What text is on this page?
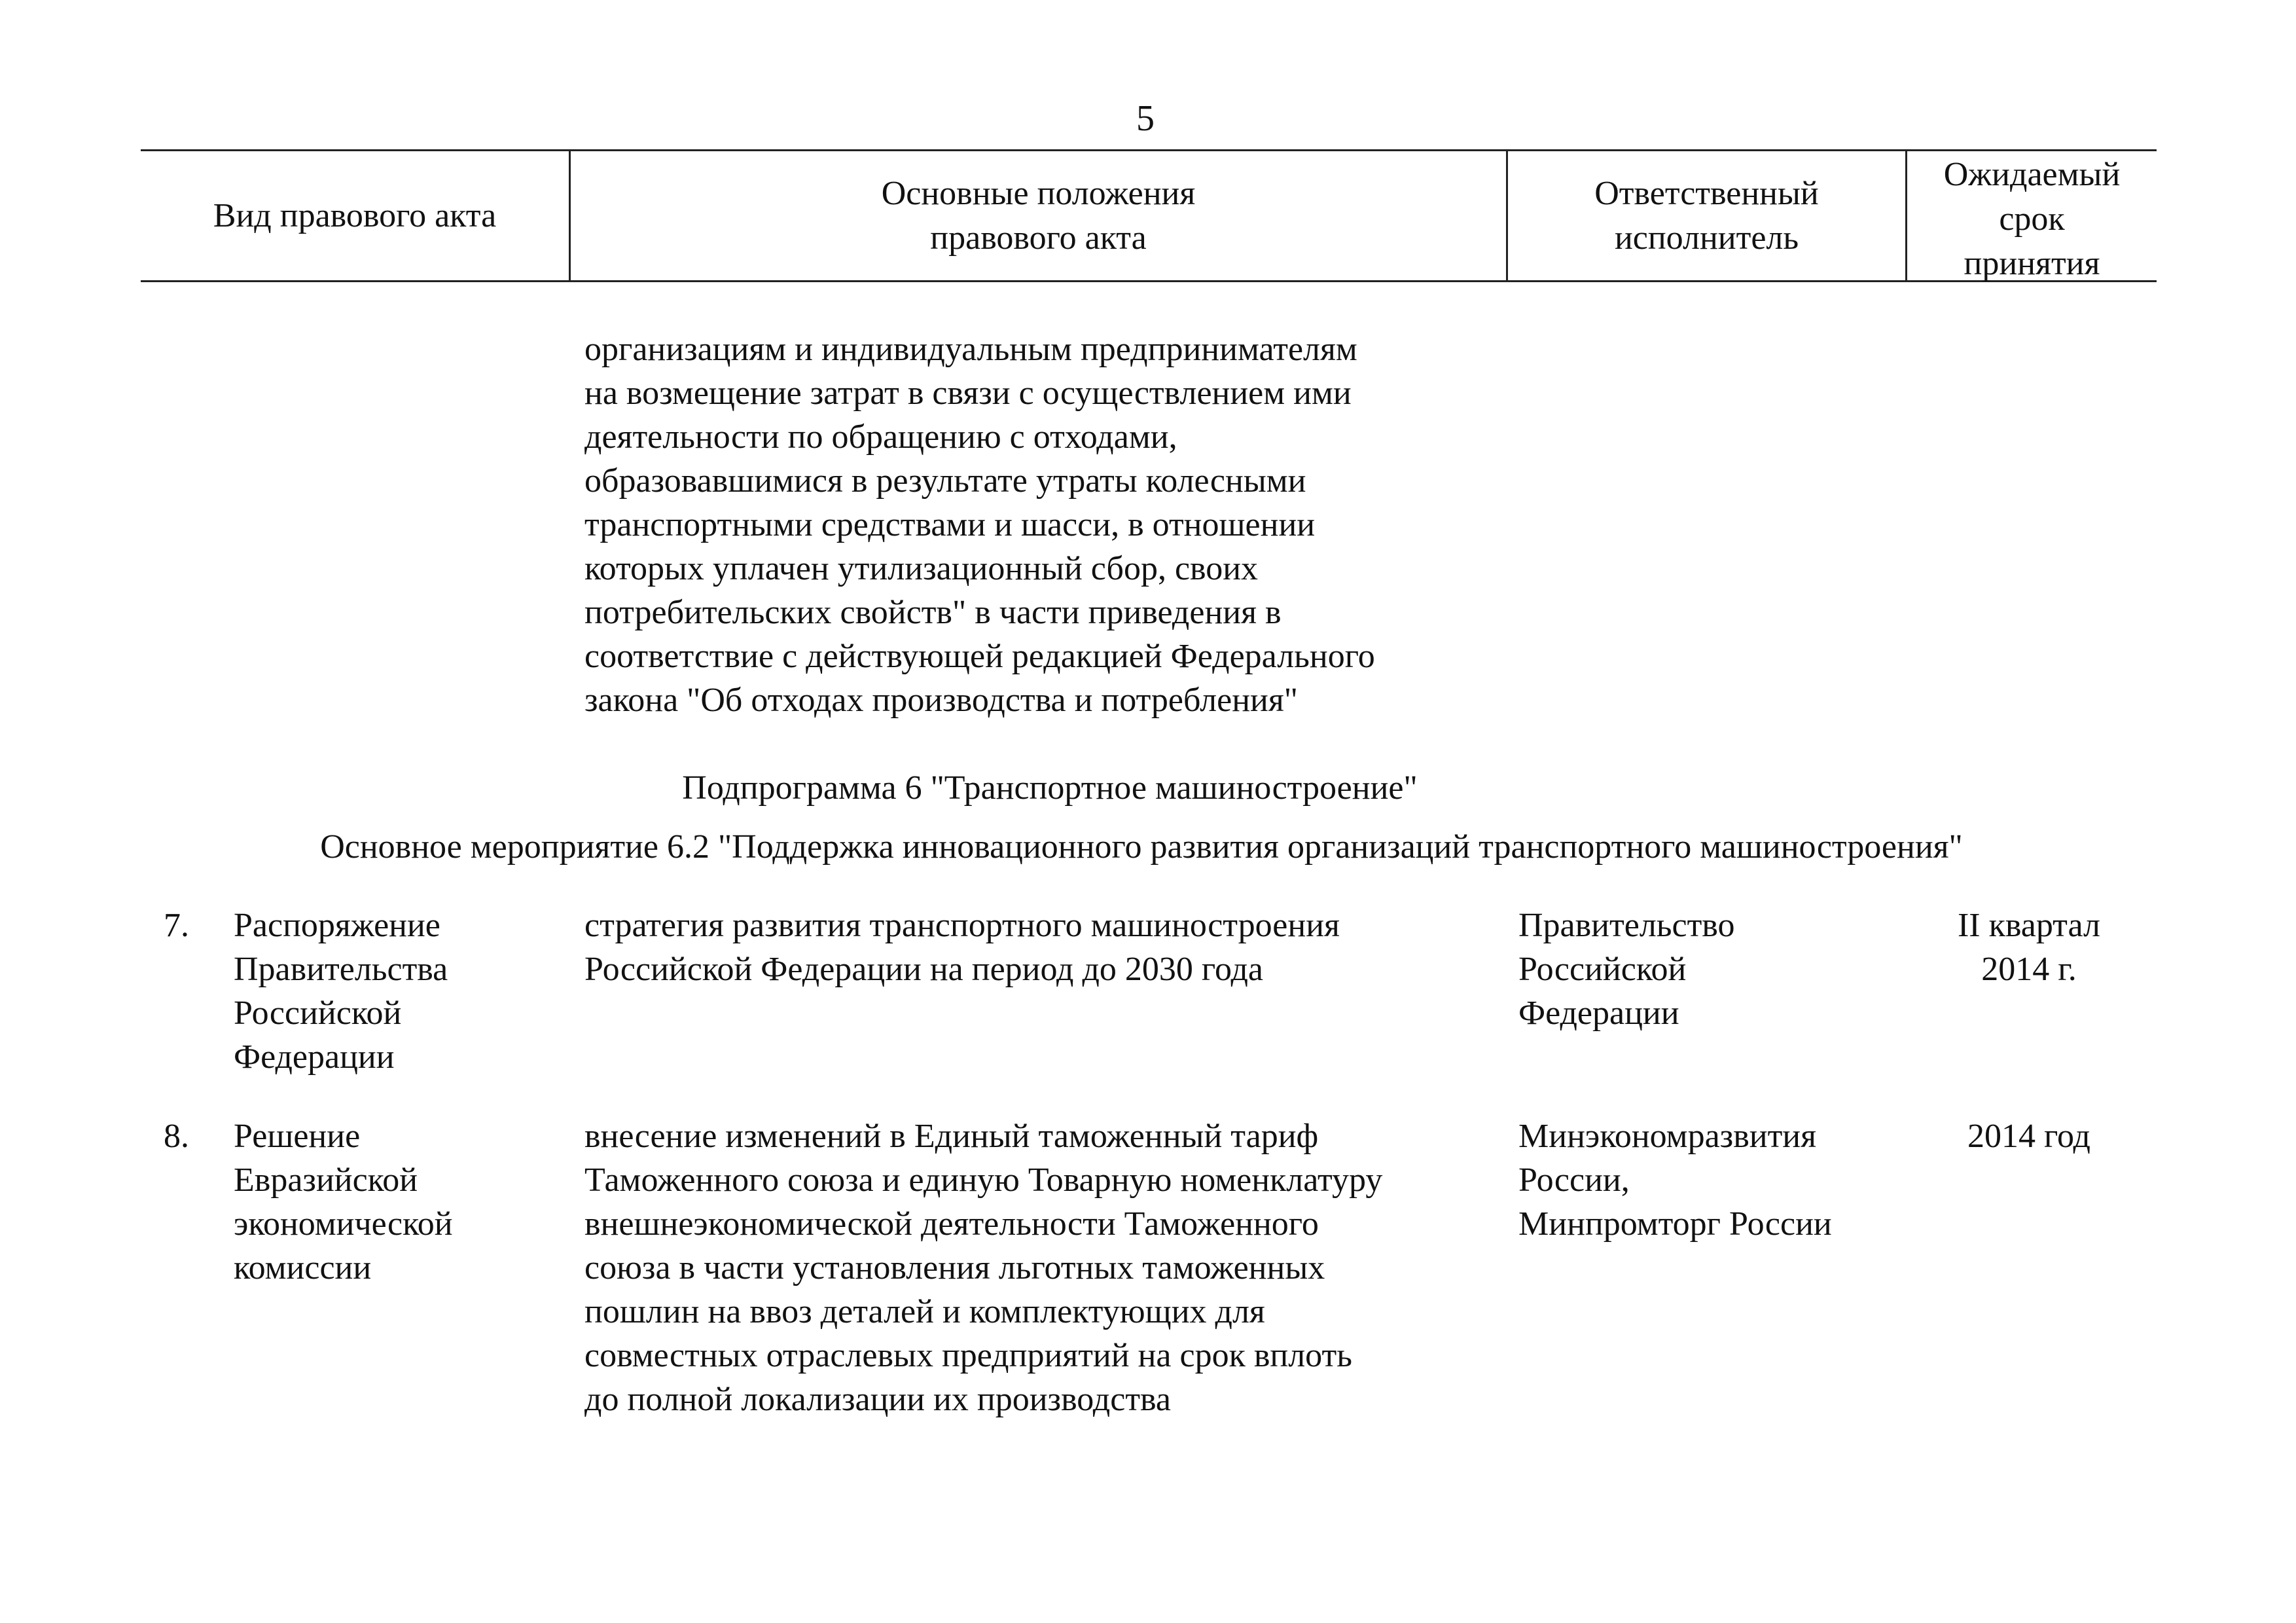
5
Вид правового акта
Основные положения
правового акта
Ответственный
исполнитель
Ожидаемый
срок
принятия
организациям и индивидуальным предпринимателям
на возмещение затрат в связи с осуществлением ими
деятельности по обращению с отходами,
образовавшимися в результате утраты колесными
транспортными средствами и шасси, в отношении
которых уплачен утилизационный сбор, своих
потребительских свойств" в части приведения в
соответствие с действующей редакцией Федерального
закона "Об отходах производства и потребления"
Подпрограмма 6 "Транспортное машиностроение"
Основное мероприятие 6.2 "Поддержка инновационного развития организаций транспортного машиностроения"
7. Распоряжение
Правительства
Российской
Федерации
стратегия развития транспортного машиностроения
Российской Федерации на период до 2030 года
Правительство
Российской
Федерации
II квартал
2014 г.
8. Решение
Евразийской
экономической
комиссии
внесение изменений в Единый таможенный тариф
Таможенного союза и единую Товарную номенклатуру
внешнеэкономической деятельности Таможенного
союза в части установления льготных таможенных
пошлин на ввоз деталей и комплектующих для
совместных отраслевых предприятий на срок вплоть
до полной локализации их производства
Минэкономразвития
России,
Минпромторг России
2014 год
